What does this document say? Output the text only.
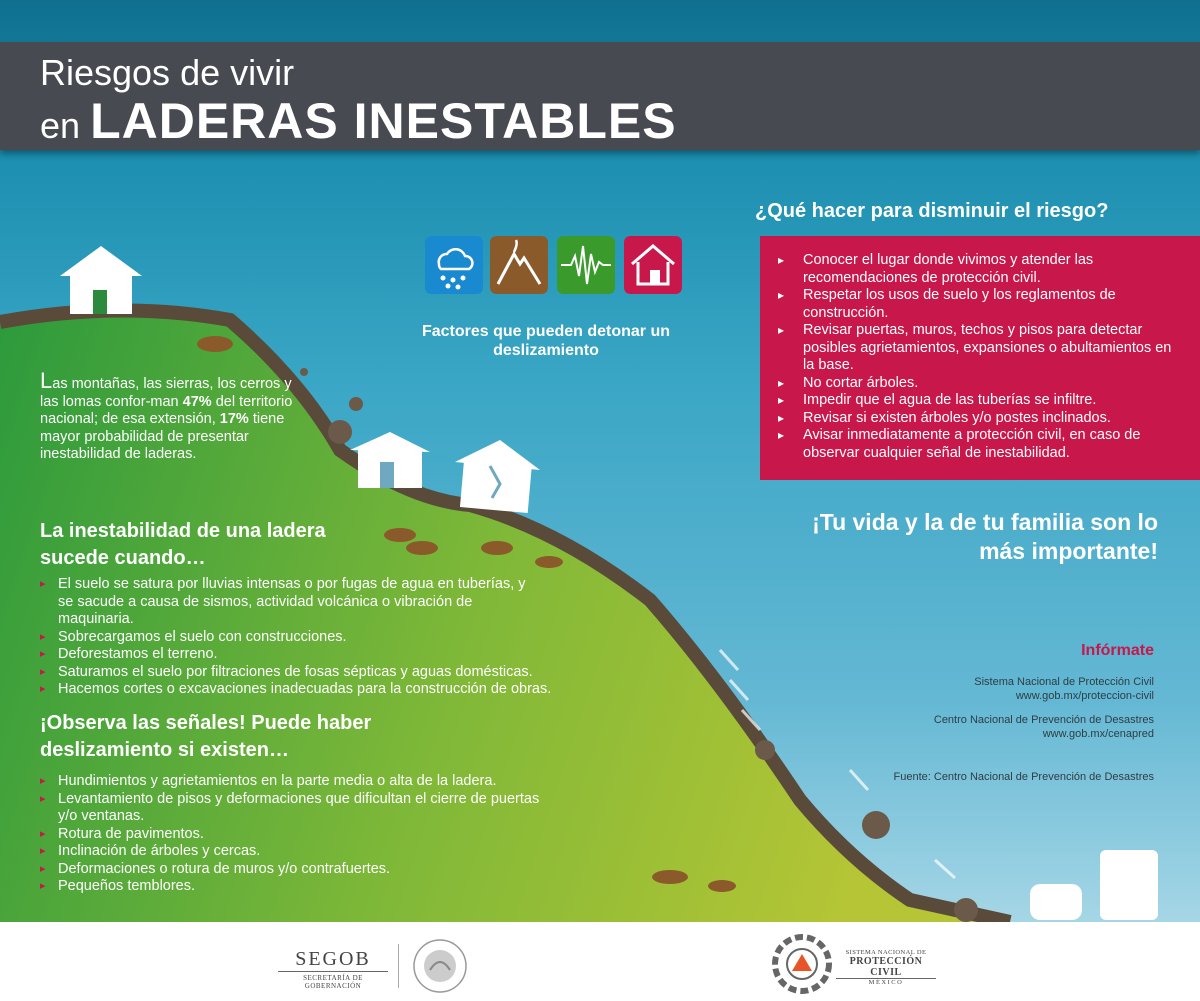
Riesgos de vivir
en LADERAS INESTABLES
Factores que pueden detonar un deslizamiento
Las montañas, las sierras, los cerros y las lomas confor-man 47% del territorio nacional; de esa extensión, 17% tiene mayor probabilidad de presentar inestabilidad de laderas.
La inestabilidad de una ladera sucede cuando…
▸ El suelo se satura por lluvias intensas o por fugas de agua en tuberías, y se sacude a causa de sismos, actividad volcánica o vibración de maquinaria.
▸ Sobrecargamos el suelo con construcciones.
▸ Deforestamos el terreno.
▸ Saturamos el suelo por filtraciones de fosas sépticas y aguas domésticas.
▸ Hacemos cortes o excavaciones inadecuadas para la construcción de obras.
¡Observa las señales! Puede haber deslizamiento si existen…
▸ Hundimientos y agrietamientos en la parte media o alta de la ladera.
▸ Levantamiento de pisos y deformaciones que dificultan el cierre de puertas y/o ventanas.
▸ Rotura de pavimentos.
▸ Inclinación de árboles y cercas.
▸ Deformaciones o rotura de muros y/o contrafuertes.
▸ Pequeños temblores.
¿Qué hacer para disminuir el riesgo?
▸ Conocer el lugar donde vivimos y atender las recomendaciones de protección civil.
▸ Respetar los usos de suelo y los reglamentos de construcción.
▸ Revisar puertas, muros, techos y pisos para detectar posibles agrietamientos, expansiones o abultamientos en la base.
▸ No cortar árboles.
▸ Impedir que el agua de las tuberías se infiltre.
▸ Revisar si existen árboles y/o postes inclinados.
▸ Avisar inmediatamente a protección civil, en caso de observar cualquier señal de inestabilidad.
¡Tu vida y la de tu familia son lo más importante!
Infórmate
Sistema Nacional de Protección Civil
www.gob.mx/proteccion-civil
Centro Nacional de Prevención de Desastres
www.gob.mx/cenapred
Fuente: Centro Nacional de Prevención de Desastres
SEGOB
SECRETARÍA DE GOBERNACIÓN
SISTEMA NACIONAL DE
PROTECCIÓN CIVIL
MÉXICO
